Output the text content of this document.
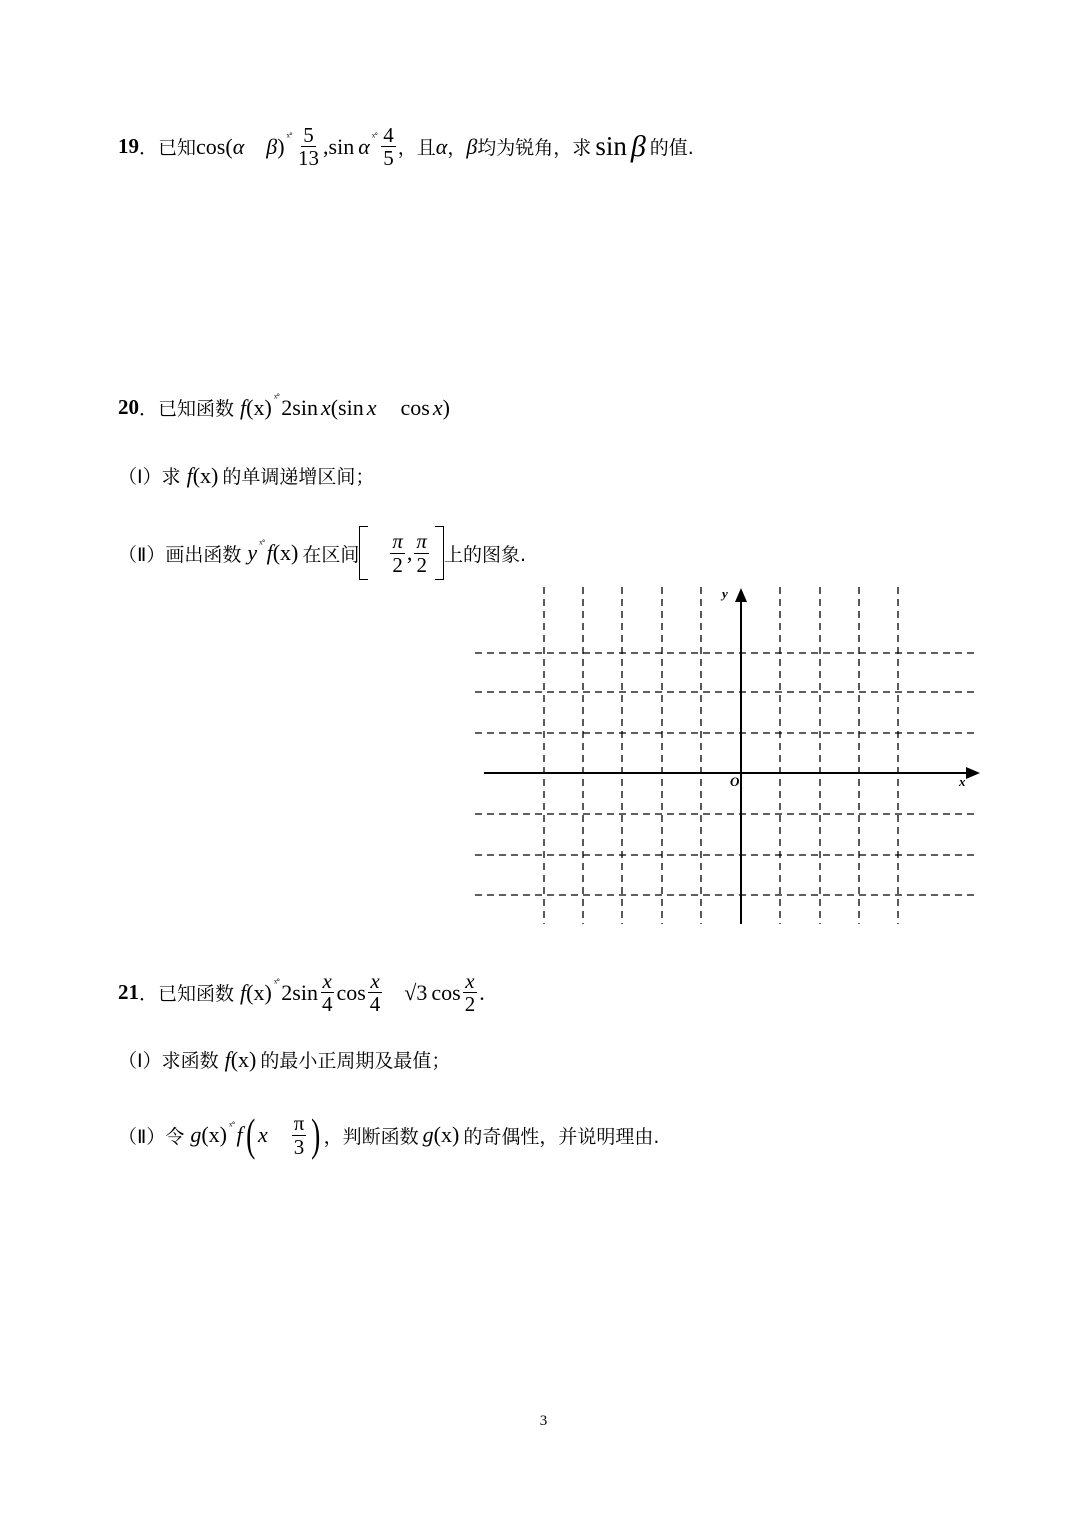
19 ． 已知 cos( α β ) ˣ˚ $\frac{5}{13} ,\sin$ α ˣ˚ $\frac{4}{5}$ ，且 α ， β 均为锐角，求 sin β 的值.
20 ． 已知函数 f (x) ˣ˚ 2sin x (sin x cos x )
（Ⅰ）求 f (x) 的单调递增区间；
（Ⅱ）画出函数 y ˣ˚ f (x) 在区间 $\frac{\pi}{2}$ , $\frac{\pi}{2}$ 上的图象.
y
x
O
21 ． 已知函数 f (x) ˣ˚ $2\sin \frac{x}{4}$ $\cos \frac{x}{4} √3$ $\cos \frac{x}{2}$ .
（Ⅰ）求函数 f (x) 的最小正周期及最值；
（Ⅱ）令 g (x) ˣ˚ f ( x $\frac{\pi}{3}$ ) ，判断函数 g (x) 的奇偶性，并说明理由.
3
